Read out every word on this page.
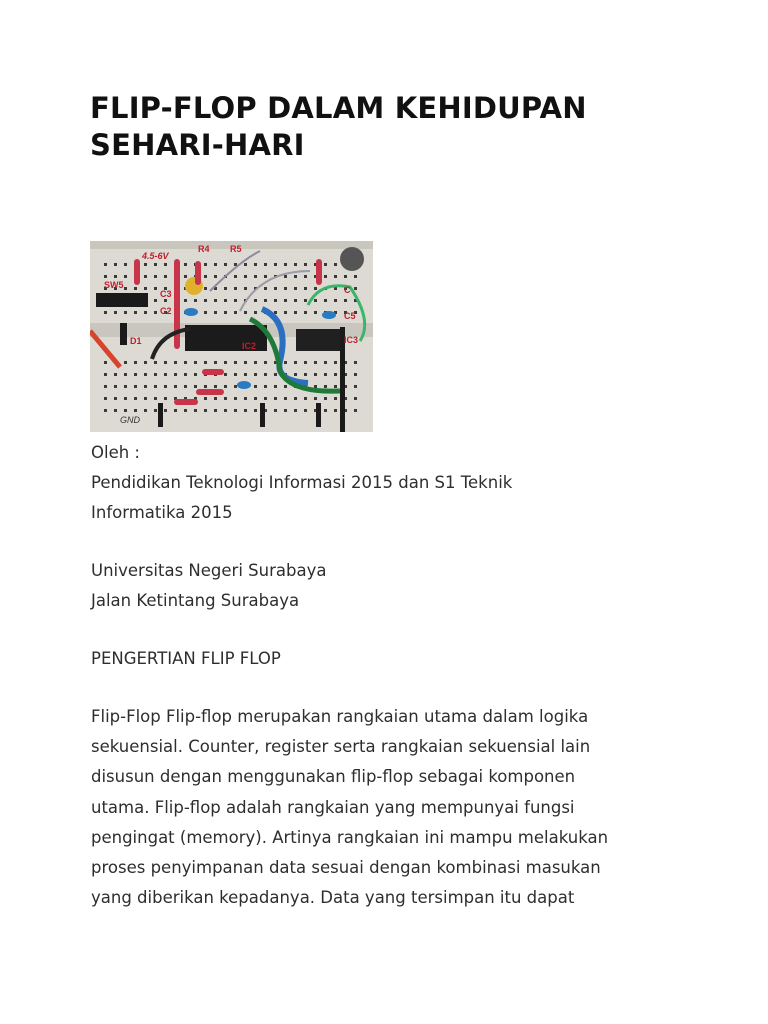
FLIP-FLOP DALAM KEHIDUPAN SEHARI-HARI
4.5-6V
R4 R5
SW5
C3
C2
D1	IC2
C5
IC3
C
GND

Oleh :

Pendidikan Teknologi Informasi 2015 dan S1 Teknik

Informatika 2015

Universitas Negeri Surabaya

Jalan Ketintang Surabaya

PENGERTIAN FLIP FLOP

Flip-Flop Flip-flop merupakan rangkaian utama dalam logika
sekuensial. Counter, register serta rangkaian sekuensial lain
disusun dengan menggunakan flip-flop sebagai komponen
utama. Flip-flop adalah rangkaian yang mempunyai fungsi
pengingat (memory). Artinya rangkaian ini mampu melakukan
proses penyimpanan data sesuai dengan kombinasi masukan
yang diberikan kepadanya. Data yang tersimpan itu dapat
